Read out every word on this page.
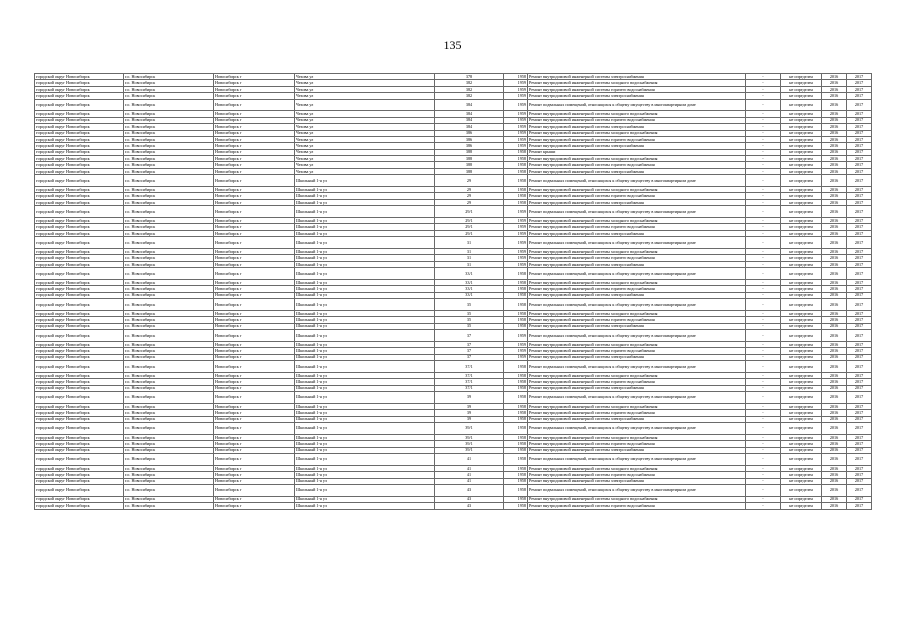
135
городской округ Новосибирск	г.о. Новосибирск	Новосибирск г	Чехова ул	378	1958	Ремонт внутридомовой инженерной системы электроснабжения	-	не определен	2016	2017
городской округ Новосибирск	г.о. Новосибирск	Новосибирск г	Чехова ул	382	1959	Ремонт внутридомовой инженерной системы холодного водоснабжения	-	не определен	2016	2017
городской округ Новосибирск	г.о. Новосибирск	Новосибирск г	Чехова ул	382	1959	Ремонт внутридомовой инженерной системы горячего водоснабжения	-	не определен	2016	2017
городской округ Новосибирск	г.о. Новосибирск	Новосибирск г	Чехова ул	382	1959	Ремонт внутридомовой инженерной системы электроснабжения	-	не определен	2016	2017
городской округ Новосибирск	г.о. Новосибирск	Новосибирск г	Чехова ул	384	1959	Ремонт подвальных помещений, относящихся к общему имуществу в многоквартирном доме	-	не определен	2016	2017
городской округ Новосибирск	г.о. Новосибирск	Новосибирск г	Чехова ул	384	1959	Ремонт внутридомовой инженерной системы холодного водоснабжения	-	не определен	2016	2017
городской округ Новосибирск	г.о. Новосибирск	Новосибирск г	Чехова ул	384	1959	Ремонт внутридомовой инженерной системы горячего водоснабжения	-	не определен	2016	2017
городской округ Новосибирск	г.о. Новосибирск	Новосибирск г	Чехова ул	384	1959	Ремонт внутридомовой инженерной системы электроснабжения	-	не определен	2016	2017
городской округ Новосибирск	г.о. Новосибирск	Новосибирск г	Чехова ул	386	1959	Ремонт внутридомовой инженерной системы холодного водоснабжения	-	не определен	2016	2017
городской округ Новосибирск	г.о. Новосибирск	Новосибирск г	Чехова ул	386	1959	Ремонт внутридомовой инженерной системы горячего водоснабжения	-	не определен	2016	2017
городской округ Новосибирск	г.о. Новосибирск	Новосибирск г	Чехова ул	386	1959	Ремонт внутридомовой инженерной системы электроснабжения	-	не определен	2016	2017
городской округ Новосибирск	г.о. Новосибирск	Новосибирск г	Чехова ул	388	1958	Ремонт крыши	-	не определен	2016	2017
городской округ Новосибирск	г.о. Новосибирск	Новосибирск г	Чехова ул	388	1958	Ремонт внутридомовой инженерной системы холодного водоснабжения	-	не определен	2016	2017
городской округ Новосибирск	г.о. Новосибирск	Новосибирск г	Чехова ул	388	1958	Ремонт внутридомовой инженерной системы горячего водоснабжения	-	не определен	2016	2017
городской округ Новосибирск	г.о. Новосибирск	Новосибирск г	Чехова ул	388	1958	Ремонт внутридомовой инженерной системы электроснабжения	-	не определен	2016	2017
городской округ Новосибирск	г.о. Новосибирск	Новосибирск г	Школьный 1-я ул	29	1958	Ремонт подвальных помещений, относящихся к общему имуществу в многоквартирном доме	-	не определен	2016	2017
городской округ Новосибирск	г.о. Новосибирск	Новосибирск г	Школьный 1-я ул	29	1958	Ремонт внутридомовой инженерной системы холодного водоснабжения	-	не определен	2016	2017
городской округ Новосибирск	г.о. Новосибирск	Новосибирск г	Школьный 1-я ул	29	1958	Ремонт внутридомовой инженерной системы горячего водоснабжения	-	не определен	2016	2017
городской округ Новосибирск	г.о. Новосибирск	Новосибирск г	Школьный 1-я ул	29	1958	Ремонт внутридомовой инженерной системы электроснабжения	-	не определен	2016	2017
городской округ Новосибирск	г.о. Новосибирск	Новосибирск г	Школьный 1-я ул	29/1	1959	Ремонт подвальных помещений, относящихся к общему имуществу в многоквартирном доме	-	не определен	2016	2017
городской округ Новосибирск	г.о. Новосибирск	Новосибирск г	Школьный 1-я ул	29/1	1959	Ремонт внутридомовой инженерной системы холодного водоснабжения	-	не определен	2016	2017
городской округ Новосибирск	г.о. Новосибирск	Новосибирск г	Школьный 1-я ул	29/1	1959	Ремонт внутридомовой инженерной системы горячего водоснабжения	-	не определен	2016	2017
городской округ Новосибирск	г.о. Новосибирск	Новосибирск г	Школьный 1-я ул	29/1	1959	Ремонт внутридомовой инженерной системы электроснабжения	-	не определен	2016	2017
городской округ Новосибирск	г.о. Новосибирск	Новосибирск г	Школьный 1-я ул	31	1959	Ремонт подвальных помещений, относящихся к общему имуществу в многоквартирном доме	-	не определен	2016	2017
городской округ Новосибирск	г.о. Новосибирск	Новосибирск г	Школьный 1-я ул	31	1959	Ремонт внутридомовой инженерной системы холодного водоснабжения	-	не определен	2016	2017
городской округ Новосибирск	г.о. Новосибирск	Новосибирск г	Школьный 1-я ул	31	1959	Ремонт внутридомовой инженерной системы горячего водоснабжения	-	не определен	2016	2017
городской округ Новосибирск	г.о. Новосибирск	Новосибирск г	Школьный 1-я ул	31	1959	Ремонт внутридомовой инженерной системы электроснабжения	-	не определен	2016	2017
городской округ Новосибирск	г.о. Новосибирск	Новосибирск г	Школьный 1-я ул	33/1	1958	Ремонт подвальных помещений, относящихся к общему имуществу в многоквартирном доме	-	не определен	2016	2017
городской округ Новосибирск	г.о. Новосибирск	Новосибирск г	Школьный 1-я ул	33/1	1958	Ремонт внутридомовой инженерной системы холодного водоснабжения	-	не определен	2016	2017
городской округ Новосибирск	г.о. Новосибирск	Новосибирск г	Школьный 1-я ул	33/1	1958	Ремонт внутридомовой инженерной системы горячего водоснабжения	-	не определен	2016	2017
городской округ Новосибирск	г.о. Новосибирск	Новосибирск г	Школьный 1-я ул	33/1	1958	Ремонт внутридомовой инженерной системы электроснабжения	-	не определен	2016	2017
городской округ Новосибирск	г.о. Новосибирск	Новосибирск г	Школьный 1-я ул	35	1958	Ремонт подвальных помещений, относящихся к общему имуществу в многоквартирном доме	-	не определен	2016	2017
городской округ Новосибирск	г.о. Новосибирск	Новосибирск г	Школьный 1-я ул	35	1958	Ремонт внутридомовой инженерной системы холодного водоснабжения	-	не определен	2016	2017
городской округ Новосибирск	г.о. Новосибирск	Новосибирск г	Школьный 1-я ул	35	1958	Ремонт внутридомовой инженерной системы горячего водоснабжения	-	не определен	2016	2017
городской округ Новосибирск	г.о. Новосибирск	Новосибирск г	Школьный 1-я ул	35	1958	Ремонт внутридомовой инженерной системы электроснабжения	-	не определен	2016	2017
городской округ Новосибирск	г.о. Новосибирск	Новосибирск г	Школьный 1-я ул	37	1959	Ремонт подвальных помещений, относящихся к общему имуществу в многоквартирном доме	-	не определен	2016	2017
городской округ Новосибирск	г.о. Новосибирск	Новосибирск г	Школьный 1-я ул	37	1959	Ремонт внутридомовой инженерной системы холодного водоснабжения	-	не определен	2016	2017
городской округ Новосибирск	г.о. Новосибирск	Новосибирск г	Школьный 1-я ул	37	1959	Ремонт внутридомовой инженерной системы горячего водоснабжения	-	не определен	2016	2017
городской округ Новосибирск	г.о. Новосибирск	Новосибирск г	Школьный 1-я ул	37	1959	Ремонт внутридомовой инженерной системы электроснабжения	-	не определен	2016	2017
городской округ Новосибирск	г.о. Новосибирск	Новосибирск г	Школьный 1-я ул	37/1	1958	Ремонт подвальных помещений, относящихся к общему имуществу в многоквартирном доме	-	не определен	2016	2017
городской округ Новосибирск	г.о. Новосибирск	Новосибирск г	Школьный 1-я ул	37/1	1958	Ремонт внутридомовой инженерной системы холодного водоснабжения	-	не определен	2016	2017
городской округ Новосибирск	г.о. Новосибирск	Новосибирск г	Школьный 1-я ул	37/1	1958	Ремонт внутридомовой инженерной системы горячего водоснабжения	-	не определен	2016	2017
городской округ Новосибирск	г.о. Новосибирск	Новосибирск г	Школьный 1-я ул	37/1	1958	Ремонт внутридомовой инженерной системы электроснабжения	-	не определен	2016	2017
городской округ Новосибирск	г.о. Новосибирск	Новосибирск г	Школьный 1-я ул	39	1958	Ремонт подвальных помещений, относящихся к общему имуществу в многоквартирном доме	-	не определен	2016	2017
городской округ Новосибирск	г.о. Новосибирск	Новосибирск г	Школьный 1-я ул	39	1958	Ремонт внутридомовой инженерной системы холодного водоснабжения	-	не определен	2016	2017
городской округ Новосибирск	г.о. Новосибирск	Новосибирск г	Школьный 1-я ул	39	1958	Ремонт внутридомовой инженерной системы горячего водоснабжения	-	не определен	2016	2017
городской округ Новосибирск	г.о. Новосибирск	Новосибирск г	Школьный 1-я ул	39	1958	Ремонт внутридомовой инженерной системы электроснабжения	-	не определен	2016	2017
городской округ Новосибирск	г.о. Новосибирск	Новосибирск г	Школьный 1-я ул	39/1	1958	Ремонт подвальных помещений, относящихся к общему имуществу в многоквартирном доме	-	не определен	2016	2017
городской округ Новосибирск	г.о. Новосибирск	Новосибирск г	Школьный 1-я ул	39/1	1958	Ремонт внутридомовой инженерной системы холодного водоснабжения	-	не определен	2016	2017
городской округ Новосибирск	г.о. Новосибирск	Новосибирск г	Школьный 1-я ул	39/1	1958	Ремонт внутридомовой инженерной системы горячего водоснабжения	-	не определен	2016	2017
городской округ Новосибирск	г.о. Новосибирск	Новосибирск г	Школьный 1-я ул	39/1	1958	Ремонт внутридомовой инженерной системы электроснабжения	-	не определен	2016	2017
городской округ Новосибирск	г.о. Новосибирск	Новосибирск г	Школьный 1-я ул	41	1958	Ремонт подвальных помещений, относящихся к общему имуществу в многоквартирном доме	-	не определен	2016	2017
городской округ Новосибирск	г.о. Новосибирск	Новосибирск г	Школьный 1-я ул	41	1958	Ремонт внутридомовой инженерной системы холодного водоснабжения	-	не определен	2016	2017
городской округ Новосибирск	г.о. Новосибирск	Новосибирск г	Школьный 1-я ул	41	1958	Ремонт внутридомовой инженерной системы горячего водоснабжения	-	не определен	2016	2017
городской округ Новосибирск	г.о. Новосибирск	Новосибирск г	Школьный 1-я ул	41	1958	Ремонт внутридомовой инженерной системы электроснабжения	-	не определен	2016	2017
городской округ Новосибирск	г.о. Новосибирск	Новосибирск г	Школьный 1-я ул	43	1958	Ремонт подвальных помещений, относящихся к общему имуществу в многоквартирном доме	-	не определен	2016	2017
городской округ Новосибирск	г.о. Новосибирск	Новосибирск г	Школьный 1-я ул	43	1958	Ремонт внутридомовой инженерной системы холодного водоснабжения	-	не определен	2016	2017
городской округ Новосибирск	г.о. Новосибирск	Новосибирск г	Школьный 1-я ул	43	1958	Ремонт внутридомовой инженерной системы горячего водоснабжения	-	не определен	2016	2017
